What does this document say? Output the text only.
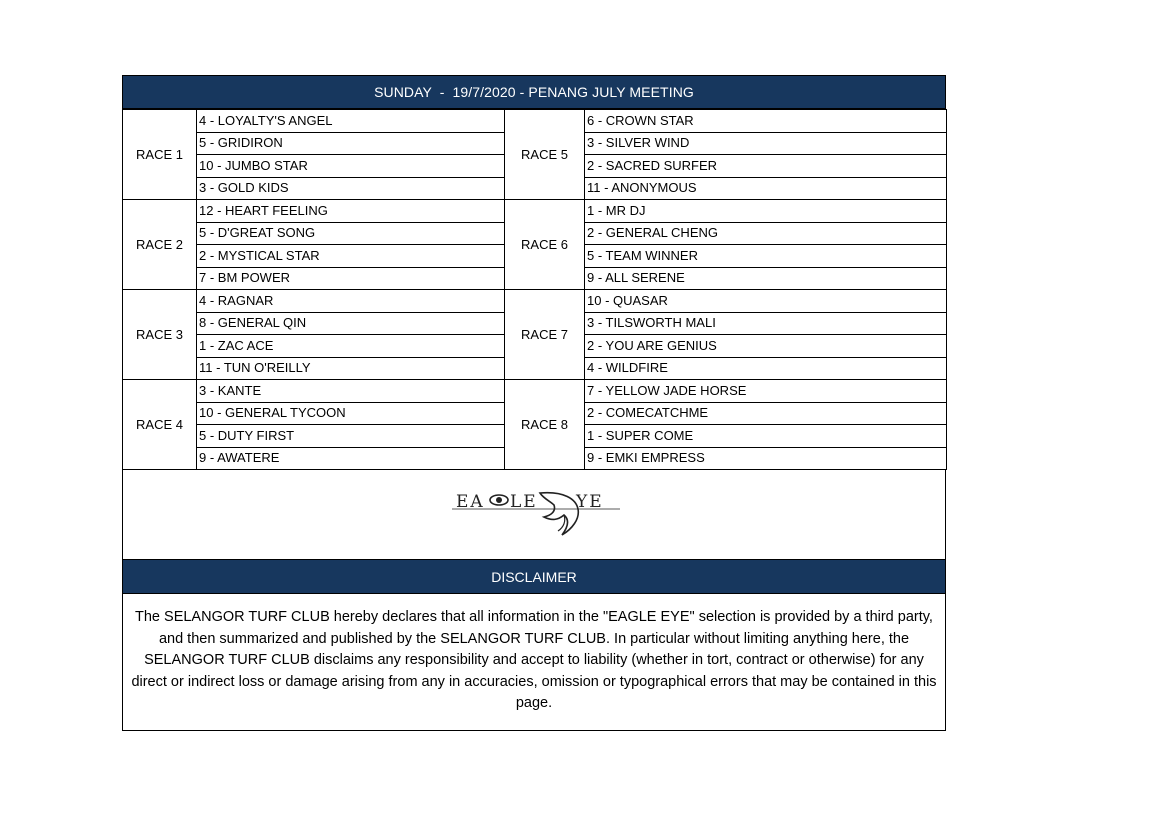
SUNDAY  -  19/7/2020 - PENANG JULY MEETING
RACE 1	4 - LOYALTY'S ANGEL	RACE 5	6 - CROWN STAR
	5 - GRIDIRON		3 - SILVER WIND
	10 - JUMBO STAR		2 - SACRED SURFER
	3 - GOLD KIDS		11 - ANONYMOUS
RACE 2	12 - HEART FEELING	RACE 6	1 - MR DJ
	5 - D'GREAT SONG		2 - GENERAL CHENG
	2 - MYSTICAL STAR		5 - TEAM WINNER
	7 - BM POWER		9 - ALL SERENE
RACE 3	4 - RAGNAR	RACE 7	10 - QUASAR
	8 - GENERAL QIN		3 - TILSWORTH MALI
	1 - ZAC ACE		2 - YOU ARE GENIUS
	11 - TUN O'REILLY		4 - WILDFIRE
RACE 4	3 - KANTE	RACE 8	7 - YELLOW JADE HORSE
	10 - GENERAL TYCOON		2 - COMECATCHME
	5 - DUTY FIRST		1 - SUPER COME
	9 - AWATERE		9 - EMKI EMPRESS
EA LE YE
DISCLAIMER
The SELANGOR TURF CLUB hereby declares that all information in the "EAGLE EYE" selection is provided by a third party, and then summarized and published by the SELANGOR TURF CLUB. In particular without limiting anything here, the SELANGOR TURF CLUB disclaims any responsibility and accept to liability (whether in tort, contract or otherwise) for any direct or indirect loss or damage arising from any in accuracies, omission or typographical errors that may be contained in this page.
